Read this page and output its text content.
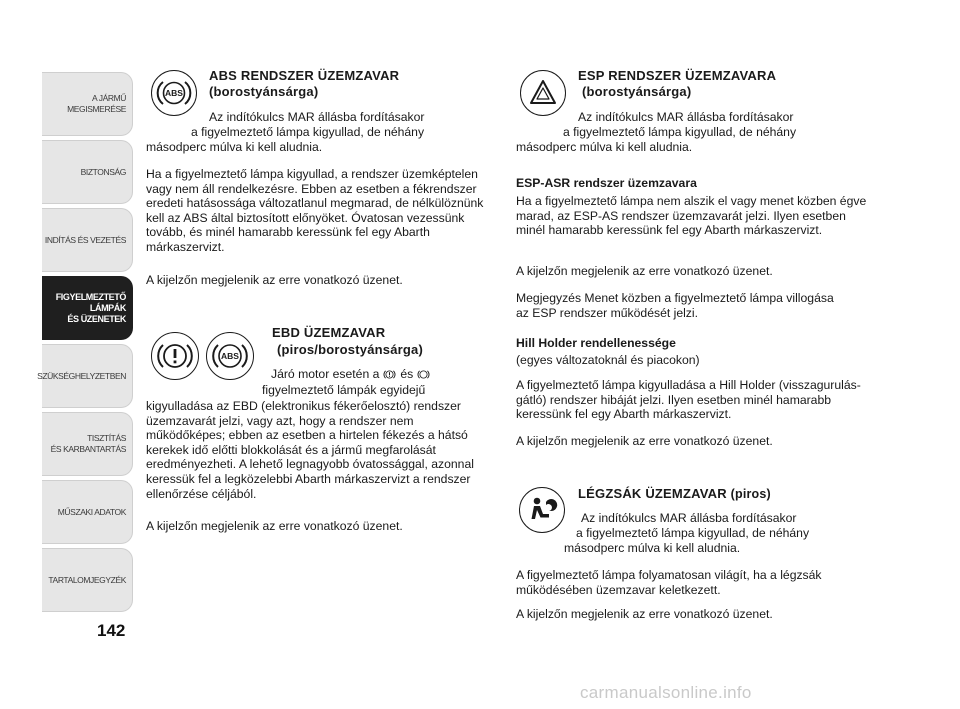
A JÁRMŰ
MEGISMERÉSE
BIZTONSÁG
INDÍTÁS ÉS VEZETÉS
FIGYELMEZTETŐ
LÁMPÁK
ÉS ÜZENETEK
SZÜKSÉGHELYZETBEN
TISZTÍTÁS
ÉS KARBANTARTÁS
MŰSZAKI ADATOK
TARTALOMJEGYZÉK
142
ABS
ABS RENDSZER ÜZEMZAVAR
(borostyánsárga)
Az indítókulcs MAR állásba fordításakor
a figyelmeztető lámpa kigyullad, de néhány
másodperc múlva ki kell aludnia.
Ha a figyelmeztető lámpa kigyullad, a rendszer üzemképtelen vagy nem áll rendelkezésre. Ebben az esetben a fékrendszer eredeti hatásossága változatlanul megmarad, de nélkülöznünk kell az ABS által biztosított előnyöket. Óvatosan vezessünk tovább, és minél hamarabb keressünk fel egy Abarth márkaszervizt.
A kijelzőn megjelenik az erre vonatkozó üzenet.
ABS
EBD ÜZEMZAVAR
(piros/borostyánsárga)
Járó motor esetén a és
figyelmeztető lámpák egyidejű
kigyulladása az EBD (elektronikus fékerőelosztó) rendszer üzemzavarát jelzi, vagy azt, hogy a rendszer nem működőképes; ebben az esetben a hirtelen fékezés a hátsó kerekek idő előtti blokkolását és a jármű megfarolását eredményezheti. A lehető legnagyobb óvatossággal, azonnal keressük fel a legközelebbi Abarth márkaszervizt a rendszer ellenőrzése céljából.
A kijelzőn megjelenik az erre vonatkozó üzenet.
ESP RENDSZER ÜZEMZAVARA
(borostyánsárga)
Az indítókulcs MAR állásba fordításakor
a figyelmeztető lámpa kigyullad, de néhány
másodperc múlva ki kell aludnia.
ESP-ASR rendszer üzemzavara
Ha a figyelmeztető lámpa nem alszik el vagy menet közben égve marad, az ESP-AS rendszer üzemzavarát jelzi. Ilyen esetben minél hamarabb keressünk fel egy Abarth márkaszervizt.
A kijelzőn megjelenik az erre vonatkozó üzenet.
Megjegyzés Menet közben a figyelmeztető lámpa villogása az ESP rendszer működését jelzi.
Hill Holder rendellenessége
(egyes változatoknál és piacokon)
A figyelmeztető lámpa kigyulladása a Hill Holder (visszagurulás-gátló) rendszer hibáját jelzi. Ilyen esetben minél hamarabb keressünk fel egy Abarth márkaszervizt.
A kijelzőn megjelenik az erre vonatkozó üzenet.
LÉGZSÁK ÜZEMZAVAR (piros)
Az indítókulcs MAR állásba fordításakor
a figyelmeztető lámpa kigyullad, de néhány
másodperc múlva ki kell aludnia.
A figyelmeztető lámpa folyamatosan világít, ha a légzsák működésében üzemzavar keletkezett.
A kijelzőn megjelenik az erre vonatkozó üzenet.
carmanualsonline.info
